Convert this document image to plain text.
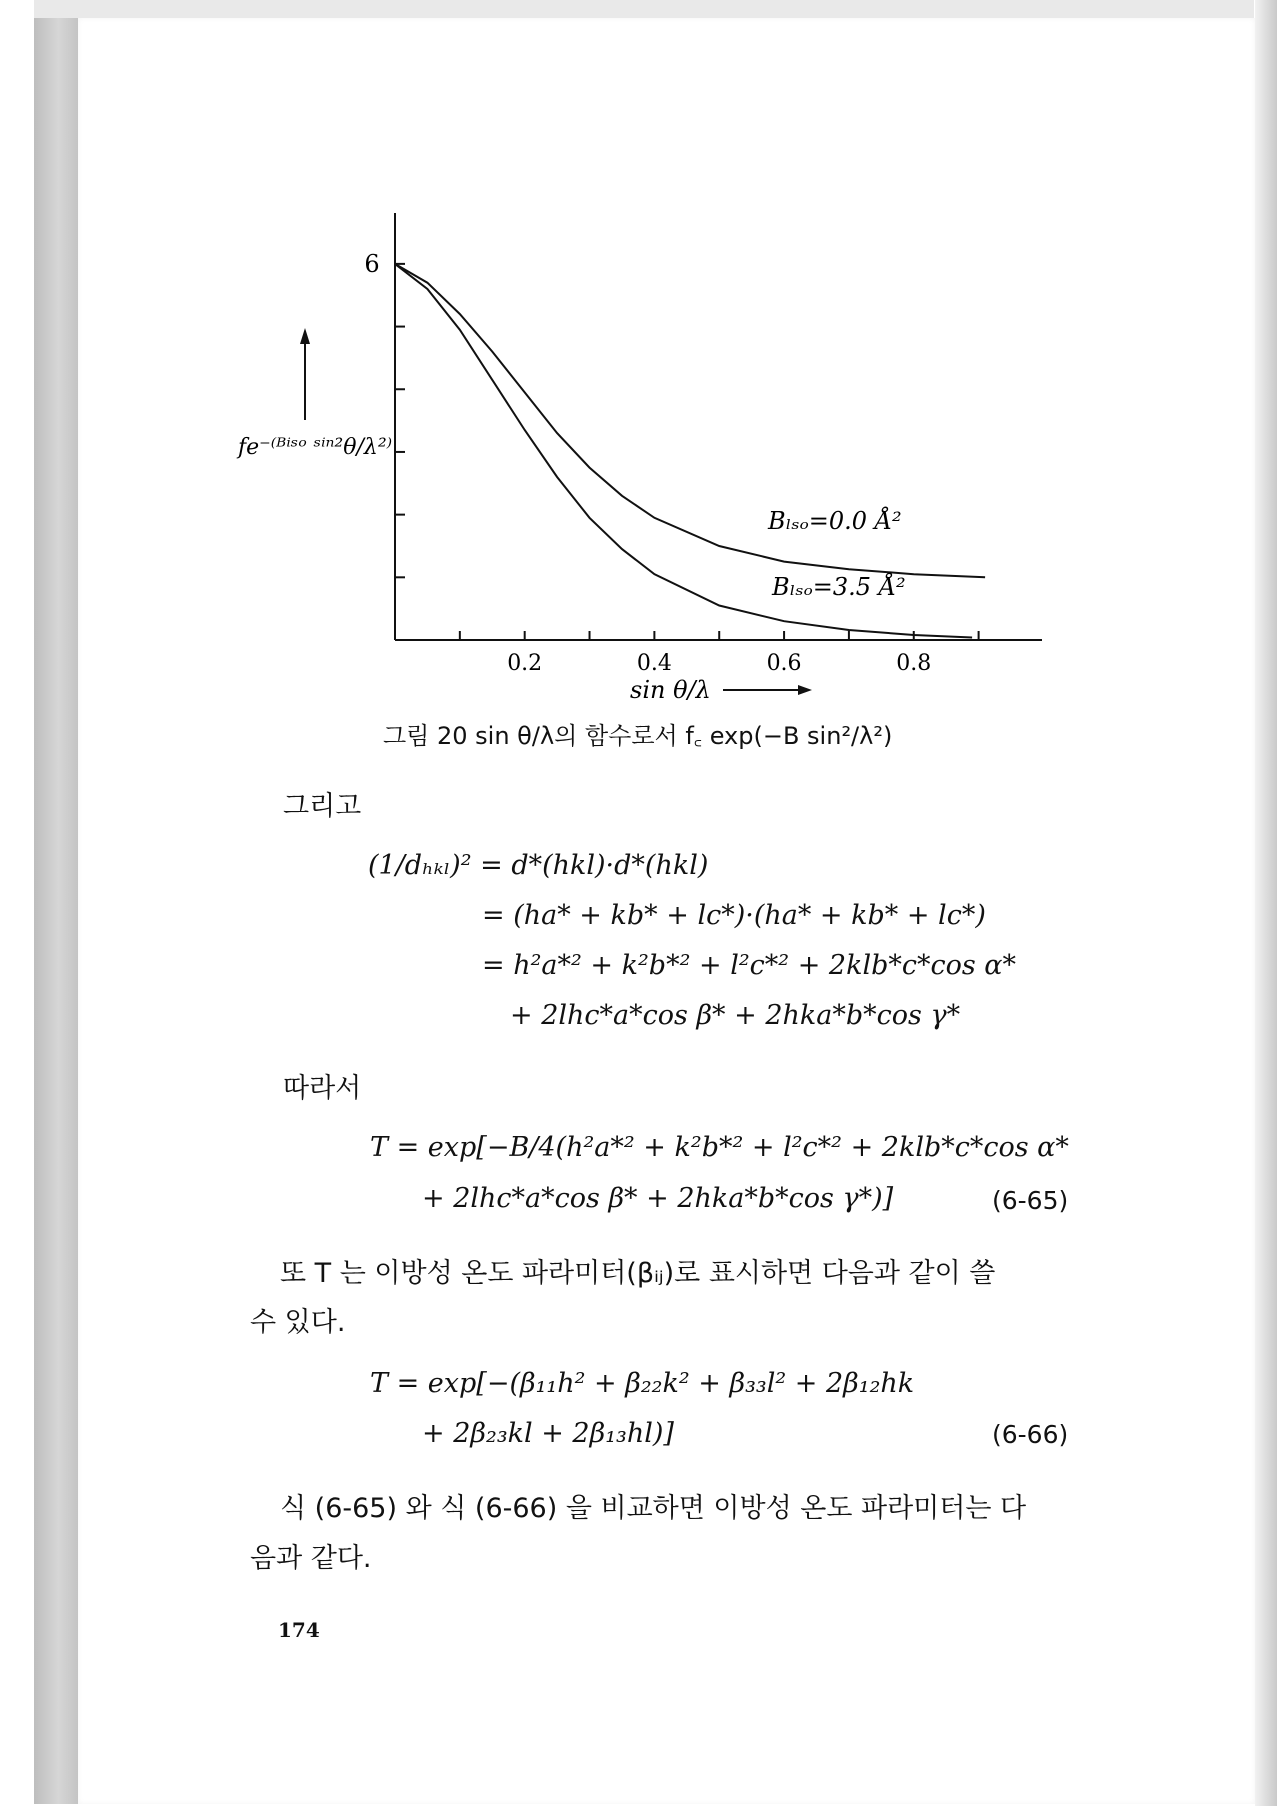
6
0.2	0.4	0.6	0.8
fe⁻⁽ᴮⁱˢᵒ ˢⁱⁿ²θ/λ²⁾
Bₗₛₒ=0.0 Å²
Bₗₛₒ=3.5 Å²
sin θ/λ
그림 20 sin θ/λ의 함수로서 f꜀ exp(−B sin²/λ²)
그리고
(1/dₕₖₗ)² = d*(hkl)·d*(hkl)
= (ha* + kb* + lc*)·(ha* + kb* + lc*)
= h²a*² + k²b*² + l²c*² + 2klb*c*cos α*
+ 2lhc*a*cos β* + 2hka*b*cos γ*
따라서
T = exp[−B/4(h²a*² + k²b*² + l²c*² + 2klb*c*cos α*
+ 2lhc*a*cos β* + 2hka*b*cos γ*)]	(6-65)
또 T 는 이방성 온도 파라미터(βᵢⱼ)로 표시하면 다음과 같이 쓸
수 있다.
T = exp[−(β₁₁h² + β₂₂k² + β₃₃l² + 2β₁₂hk
+ 2β₂₃kl + 2β₁₃hl)]	(6-66)
식 (6-65) 와 식 (6-66) 을 비교하면 이방성 온도 파라미터는 다
음과 같다.
174
